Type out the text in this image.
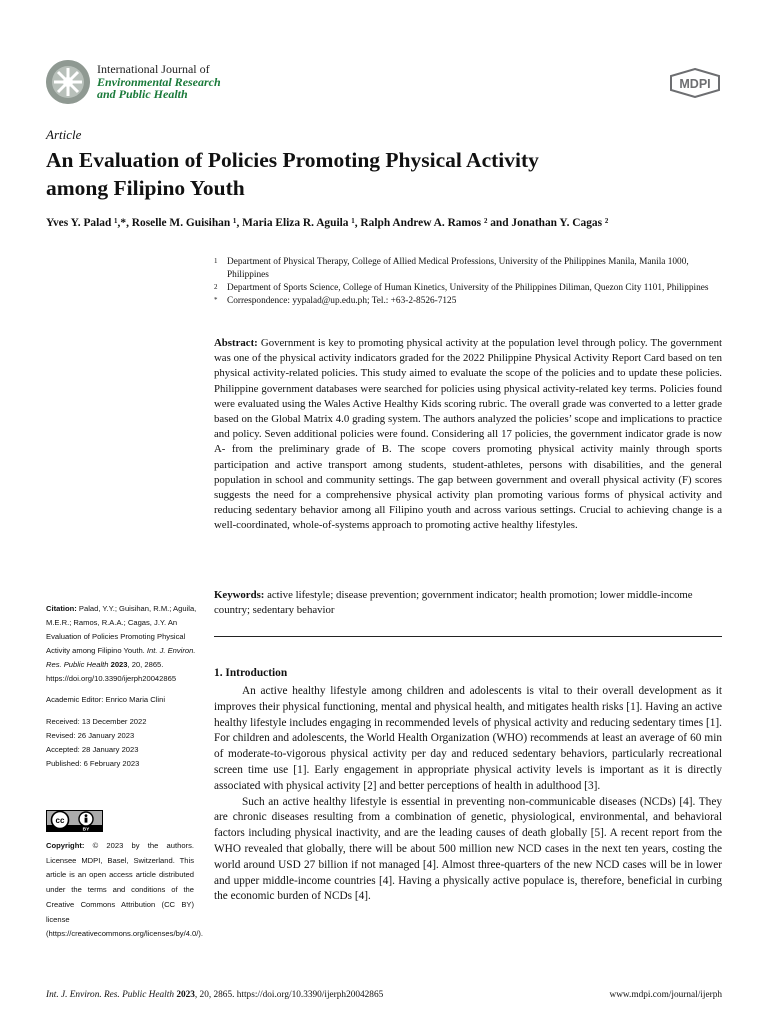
International Journal of
Environmental Research
and Public Health
MDPI
Article
An Evaluation of Policies Promoting Physical Activity
among Filipino Youth
Yves Y. Palad ¹,*, Roselle M. Guisihan ¹, Maria Eliza R. Aguila ¹, Ralph Andrew A. Ramos ² and Jonathan Y. Cagas ²
1	Department of Physical Therapy, College of Allied Medical Professions, University of the Philippines Manila, Manila 1000, Philippines
2	Department of Sports Science, College of Human Kinetics, University of the Philippines Diliman, Quezon City 1101, Philippines
*	Correspondence: yypalad@up.edu.ph; Tel.: +63-2-8526-7125
Abstract: Government is key to promoting physical activity at the population level through policy. The government was one of the physical activity indicators graded for the 2022 Philippine Physical Activity Report Card based on ten physical activity-related policies. This study aimed to evaluate the scope of the policies and to update these policies. Philippine government databases were searched for policies using physical activity-related key terms. Policies found were evaluated using the Wales Active Healthy Kids scoring rubric. The overall grade was converted to a letter grade based on the Global Matrix 4.0 grading system. The authors analyzed the policies’ scope and implications to practice and policy. Seven additional policies were found. Considering all 17 policies, the government indicator grade is now A- from the preliminary grade of B. The scope covers promoting physical activity mainly through sports participation and active transport among students, student-athletes, persons with disabilities, and the general population in school and community settings. The gap between government and overall physical activity (F) scores suggests the need for a comprehensive physical activity plan promoting various forms of physical activity and reducing sedentary behavior among all Filipino youth and across various settings. Crucial to achieving change is a well-coordinated, whole-of-systems approach to promoting active healthy lifestyles.
Keywords: active lifestyle; disease prevention; government indicator; health promotion; lower middle-income country; sedentary behavior

Citation: Palad, Y.Y.; Guisihan, R.M.; Aguila, M.E.R.; Ramos, R.A.A.; Cagas, J.Y. An Evaluation of Policies Promoting Physical Activity among Filipino Youth. Int. J. Environ. Res. Public Health 2023, 20, 2865. https://doi.org/10.3390/ijerph20042865

Academic Editor: Enrico Maria Clini

Received: 13 December 2022

Revised: 26 January 2023

Accepted: 28 January 2023

Published: 6 February 2023

cc
BY
Copyright: © 2023 by the authors. Licensee MDPI, Basel, Switzerland. This article is an open access article distributed under the terms and conditions of the Creative Commons Attribution (CC BY) license (https://creativecommons.org/licenses/by/4.0/).
1. Introduction

An active healthy lifestyle among children and adolescents is vital to their overall development as it improves their physical functioning, mental and physical health, and mitigates health risks [1]. Having an active healthy lifestyle includes engaging in recommended levels of physical activity and reducing sedentary times [1]. For children and adolescents, the World Health Organization (WHO) recommends at least an average of 60 min of moderate-to-vigorous physical activity per day and reduced sedentary behaviors, particularly recreational screen time use [1]. Early engagement in appropriate physical activity levels is important as it is directly associated with physical activity [2] and better perceptions of health in adulthood [3].

Such an active healthy lifestyle is essential in preventing non-communicable diseases (NCDs) [4]. They are chronic diseases resulting from a combination of genetic, physiological, environmental, and behavioral factors including physical inactivity, and are the leading causes of death globally [5]. A recent report from the WHO revealed that globally, there will be about 500 million new NCD cases in the next ten years, costing the world around USD 27 billion if not managed [4]. Almost three-quarters of the new NCD cases will be in lower and upper middle-income countries [4]. Having a physically active populace is, therefore, beneficial in curbing the economic burden of NCDs [4].

Int. J. Environ. Res. Public Health 2023, 20, 2865. https://doi.org/10.3390/ijerph20042865	www.mdpi.com/journal/ijerph
